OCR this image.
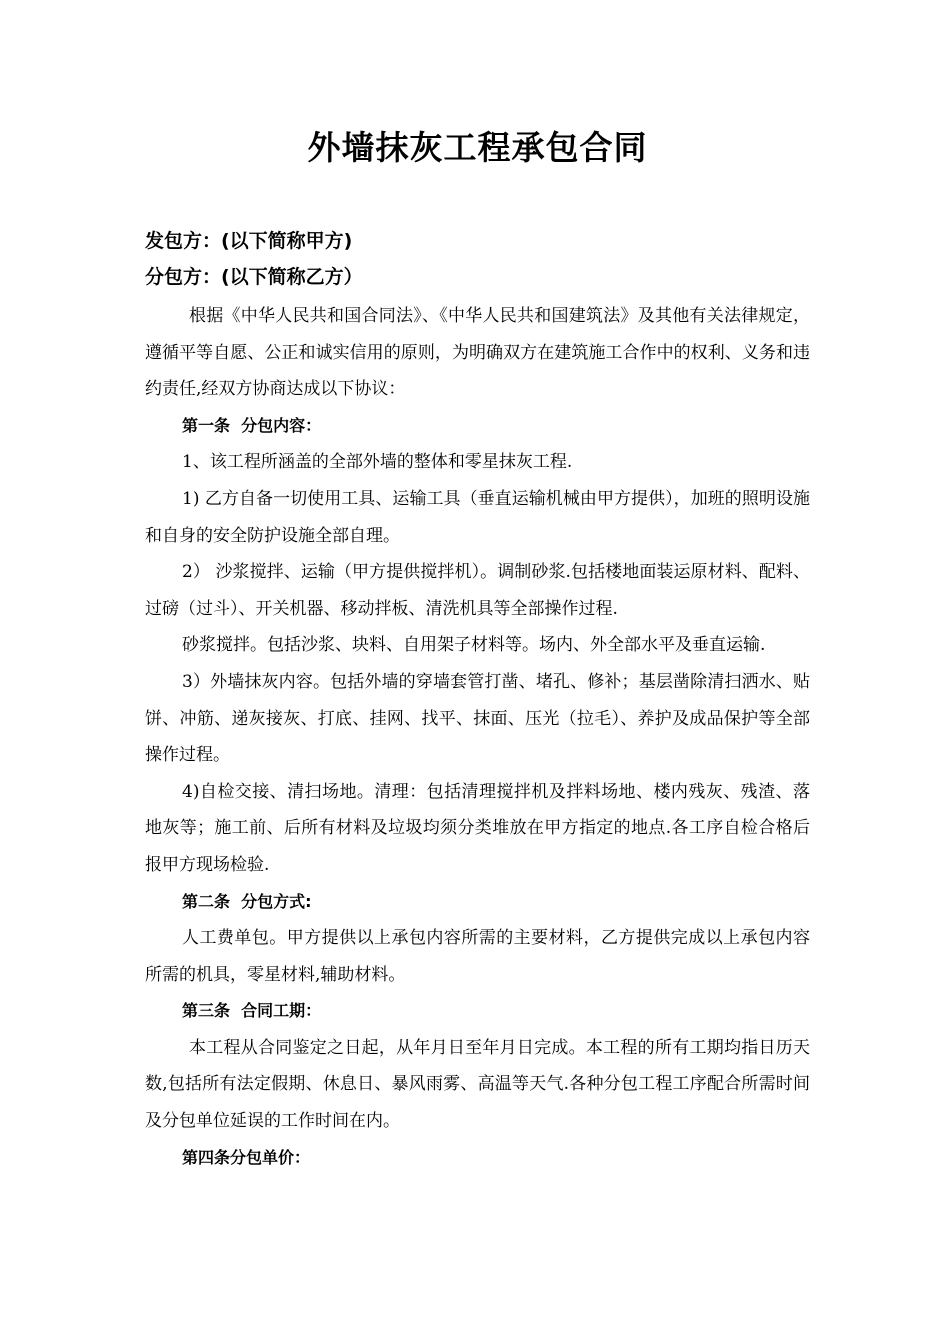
外墙抹灰工程承包合同

发包方：(以下简称甲方)

分包方：(以下简称乙方）

根据《中华人民共和国合同法》、《中华人民共和国建筑法》及其他有关法律规定，遵循平等自愿、公正和诚实信用的原则，为明确双方在建筑施工合作中的权利、义务和违约责任,经双方协商达成以下协议：

第一条  分包内容：

1、该工程所涵盖的全部外墙的整体和零星抹灰工程.

1) 乙方自备一切使用工具、运输工具（垂直运输机械由甲方提供），加班的照明设施和自身的安全防护设施全部自理。

2） 沙浆搅拌、运输（甲方提供搅拌机）。调制砂浆.包括楼地面装运原材料、配料、过磅（过斗）、开关机器、移动拌板、清洗机具等全部操作过程.

砂浆搅拌。包括沙浆、块料、自用架子材料等。场内、外全部水平及垂直运输.

3）外墙抹灰内容。包括外墙的穿墙套管打凿、堵孔、修补；基层凿除清扫洒水、贴饼、冲筋、递灰接灰、打底、挂网、找平、抹面、压光（拉毛）、养护及成品保护等全部操作过程。

4)自检交接、清扫场地。清理：包括清理搅拌机及拌料场地、楼内残灰、残渣、落地灰等；施工前、后所有材料及垃圾均须分类堆放在甲方指定的地点.各工序自检合格后报甲方现场检验.

第二条  分包方式:

人工费单包。甲方提供以上承包内容所需的主要材料，乙方提供完成以上承包内容所需的机具，零星材料,辅助材料。

第三条  合同工期：

本工程从合同鉴定之日起，从年月日至年月日完成。本工程的所有工期均指日历天数,包括所有法定假期、休息日、暴风雨雾、高温等天气.各种分包工程工序配合所需时间及分包单位延误的工作时间在内。

第四条分包单价：
